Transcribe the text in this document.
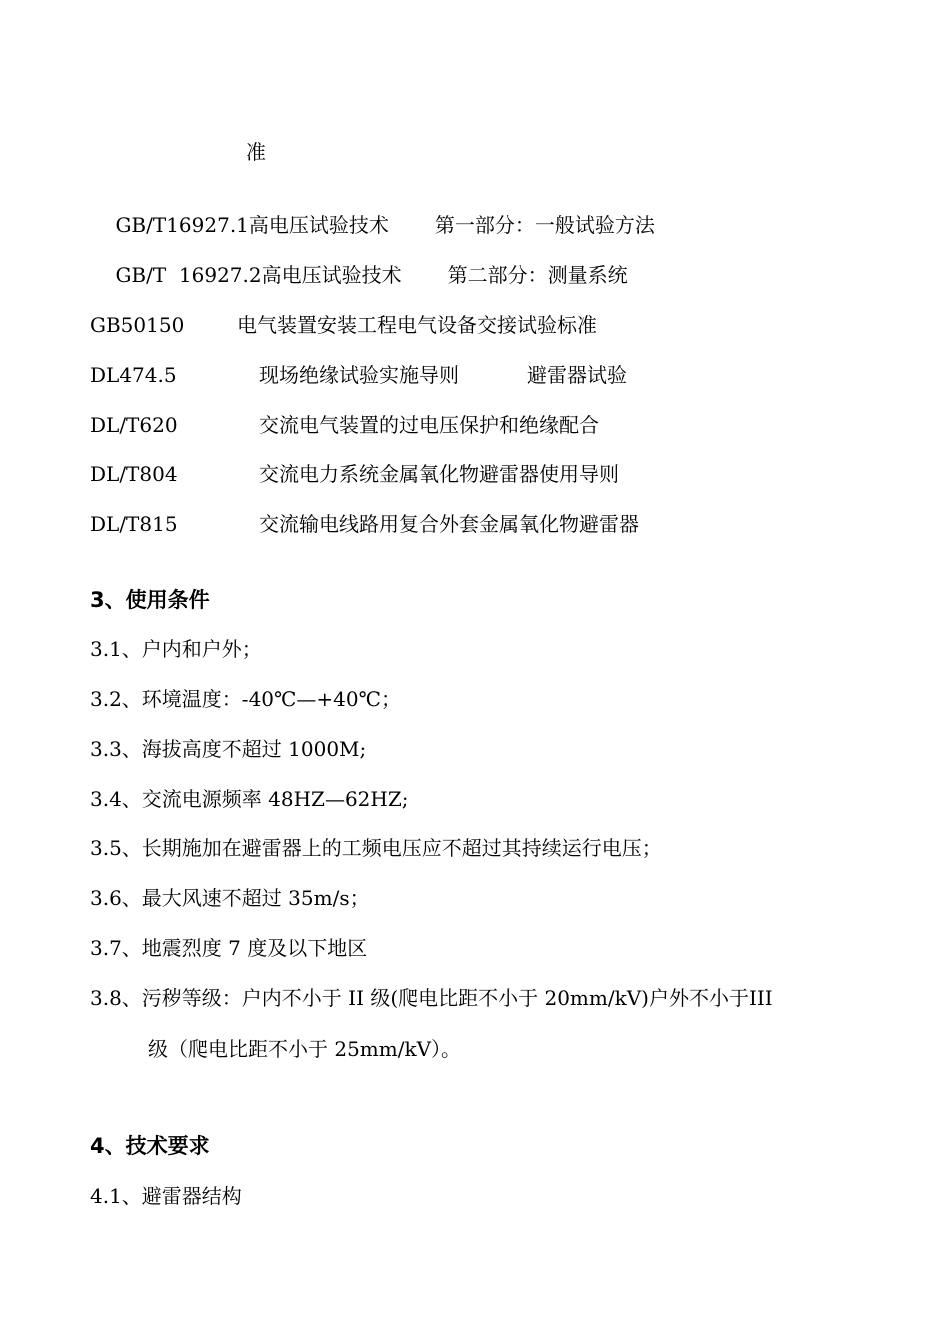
准

GB/T16927.1高电压试验技术 第一部分：一般试验方法

GB/T  16927.2高电压试验技术 第二部分：测量系统

GB50150	电气装置安装工程电气设备交接试验标准

DL474.5	现场绝缘试验实施导则	避雷器试验

DL/T620	交流电气装置的过电压保护和绝缘配合

DL/T804	交流电力系统金属氧化物避雷器使用导则

DL/T815	交流输电线路用复合外套金属氧化物避雷器

3、使用条件
3.1、户内和户外；
3.2、环境温度：-40℃—+40℃；
3.3、海拔高度不超过 1000M;
3.4、交流电源频率 48HZ—62HZ;
3.5、长期施加在避雷器上的工频电压应不超过其持续运行电压；
3.6、最大风速不超过 35m/s；
3.7、地震烈度 7 度及以下地区
3.8、污秽等级：户内不小于 II 级(爬电比距不小于 20mm/kV)户外不小于III
级（爬电比距不小于 25mm/kV）。
4、技术要求
4.1、避雷器结构
